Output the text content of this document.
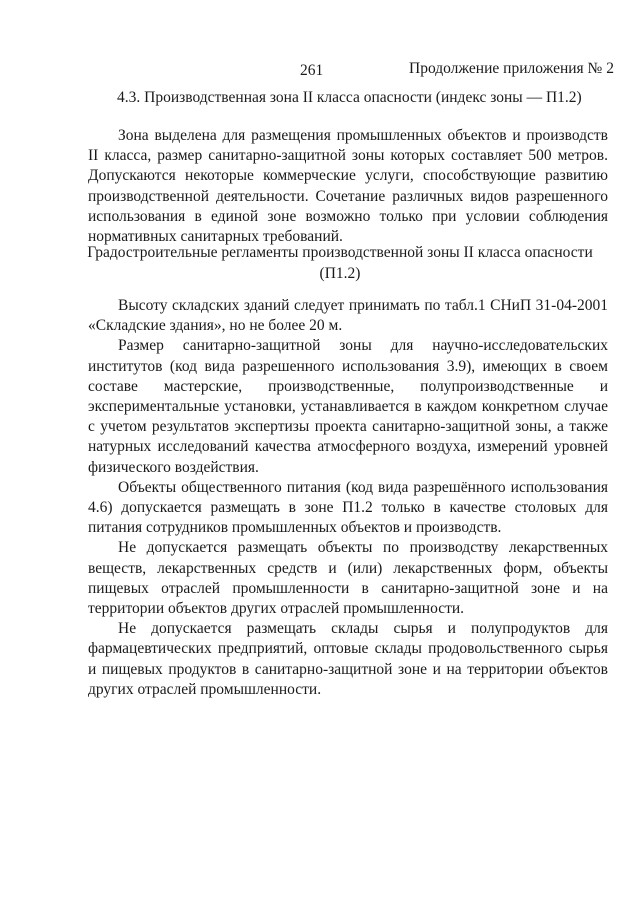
261	Продолжение приложения № 2
4.3. Производственная зона II класса опасности (индекс зоны — П1.2)

Зона выделена для размещения промышленных объектов и производств II класса, размер санитарно-защитной зоны которых составляет 500 метров. Допускаются некоторые коммерческие услуги, способствующие развитию производственной деятельности. Сочетание различных видов разрешенного использования в единой зоне возможно только при условии соблюдения нормативных санитарных требований.

Градостроительные регламенты производственной зоны II класса опасности
(П1.2)

Высоту складских зданий следует принимать по табл.1 СНиП 31-04-2001 «Складские здания», но не более 20 м.

Размер санитарно-защитной зоны для научно-исследовательских институтов (код вида разрешенного использования 3.9), имеющих в своем составе мастерские, производственные, полупроизводственные и экспериментальные установки, устанавливается в каждом конкретном случае с учетом результатов экспертизы проекта санитарно-защитной зоны, а также натурных исследований качества атмосферного воздуха, измерений уровней физического воздействия.

Объекты общественного питания (код вида разрешённого использования 4.6) допускается размещать в зоне П1.2 только в качестве столовых для питания сотрудников промышленных объектов и производств.

Не допускается размещать объекты по производству лекарственных веществ, лекарственных средств и (или) лекарственных форм, объекты пищевых отраслей промышленности в санитарно-защитной зоне и на территории объектов других отраслей промышленности.

Не допускается размещать склады сырья и полупродуктов для фармацевтических предприятий, оптовые склады продовольственного сырья и пищевых продуктов в санитарно-защитной зоне и на территории объектов других отраслей промышленности.
